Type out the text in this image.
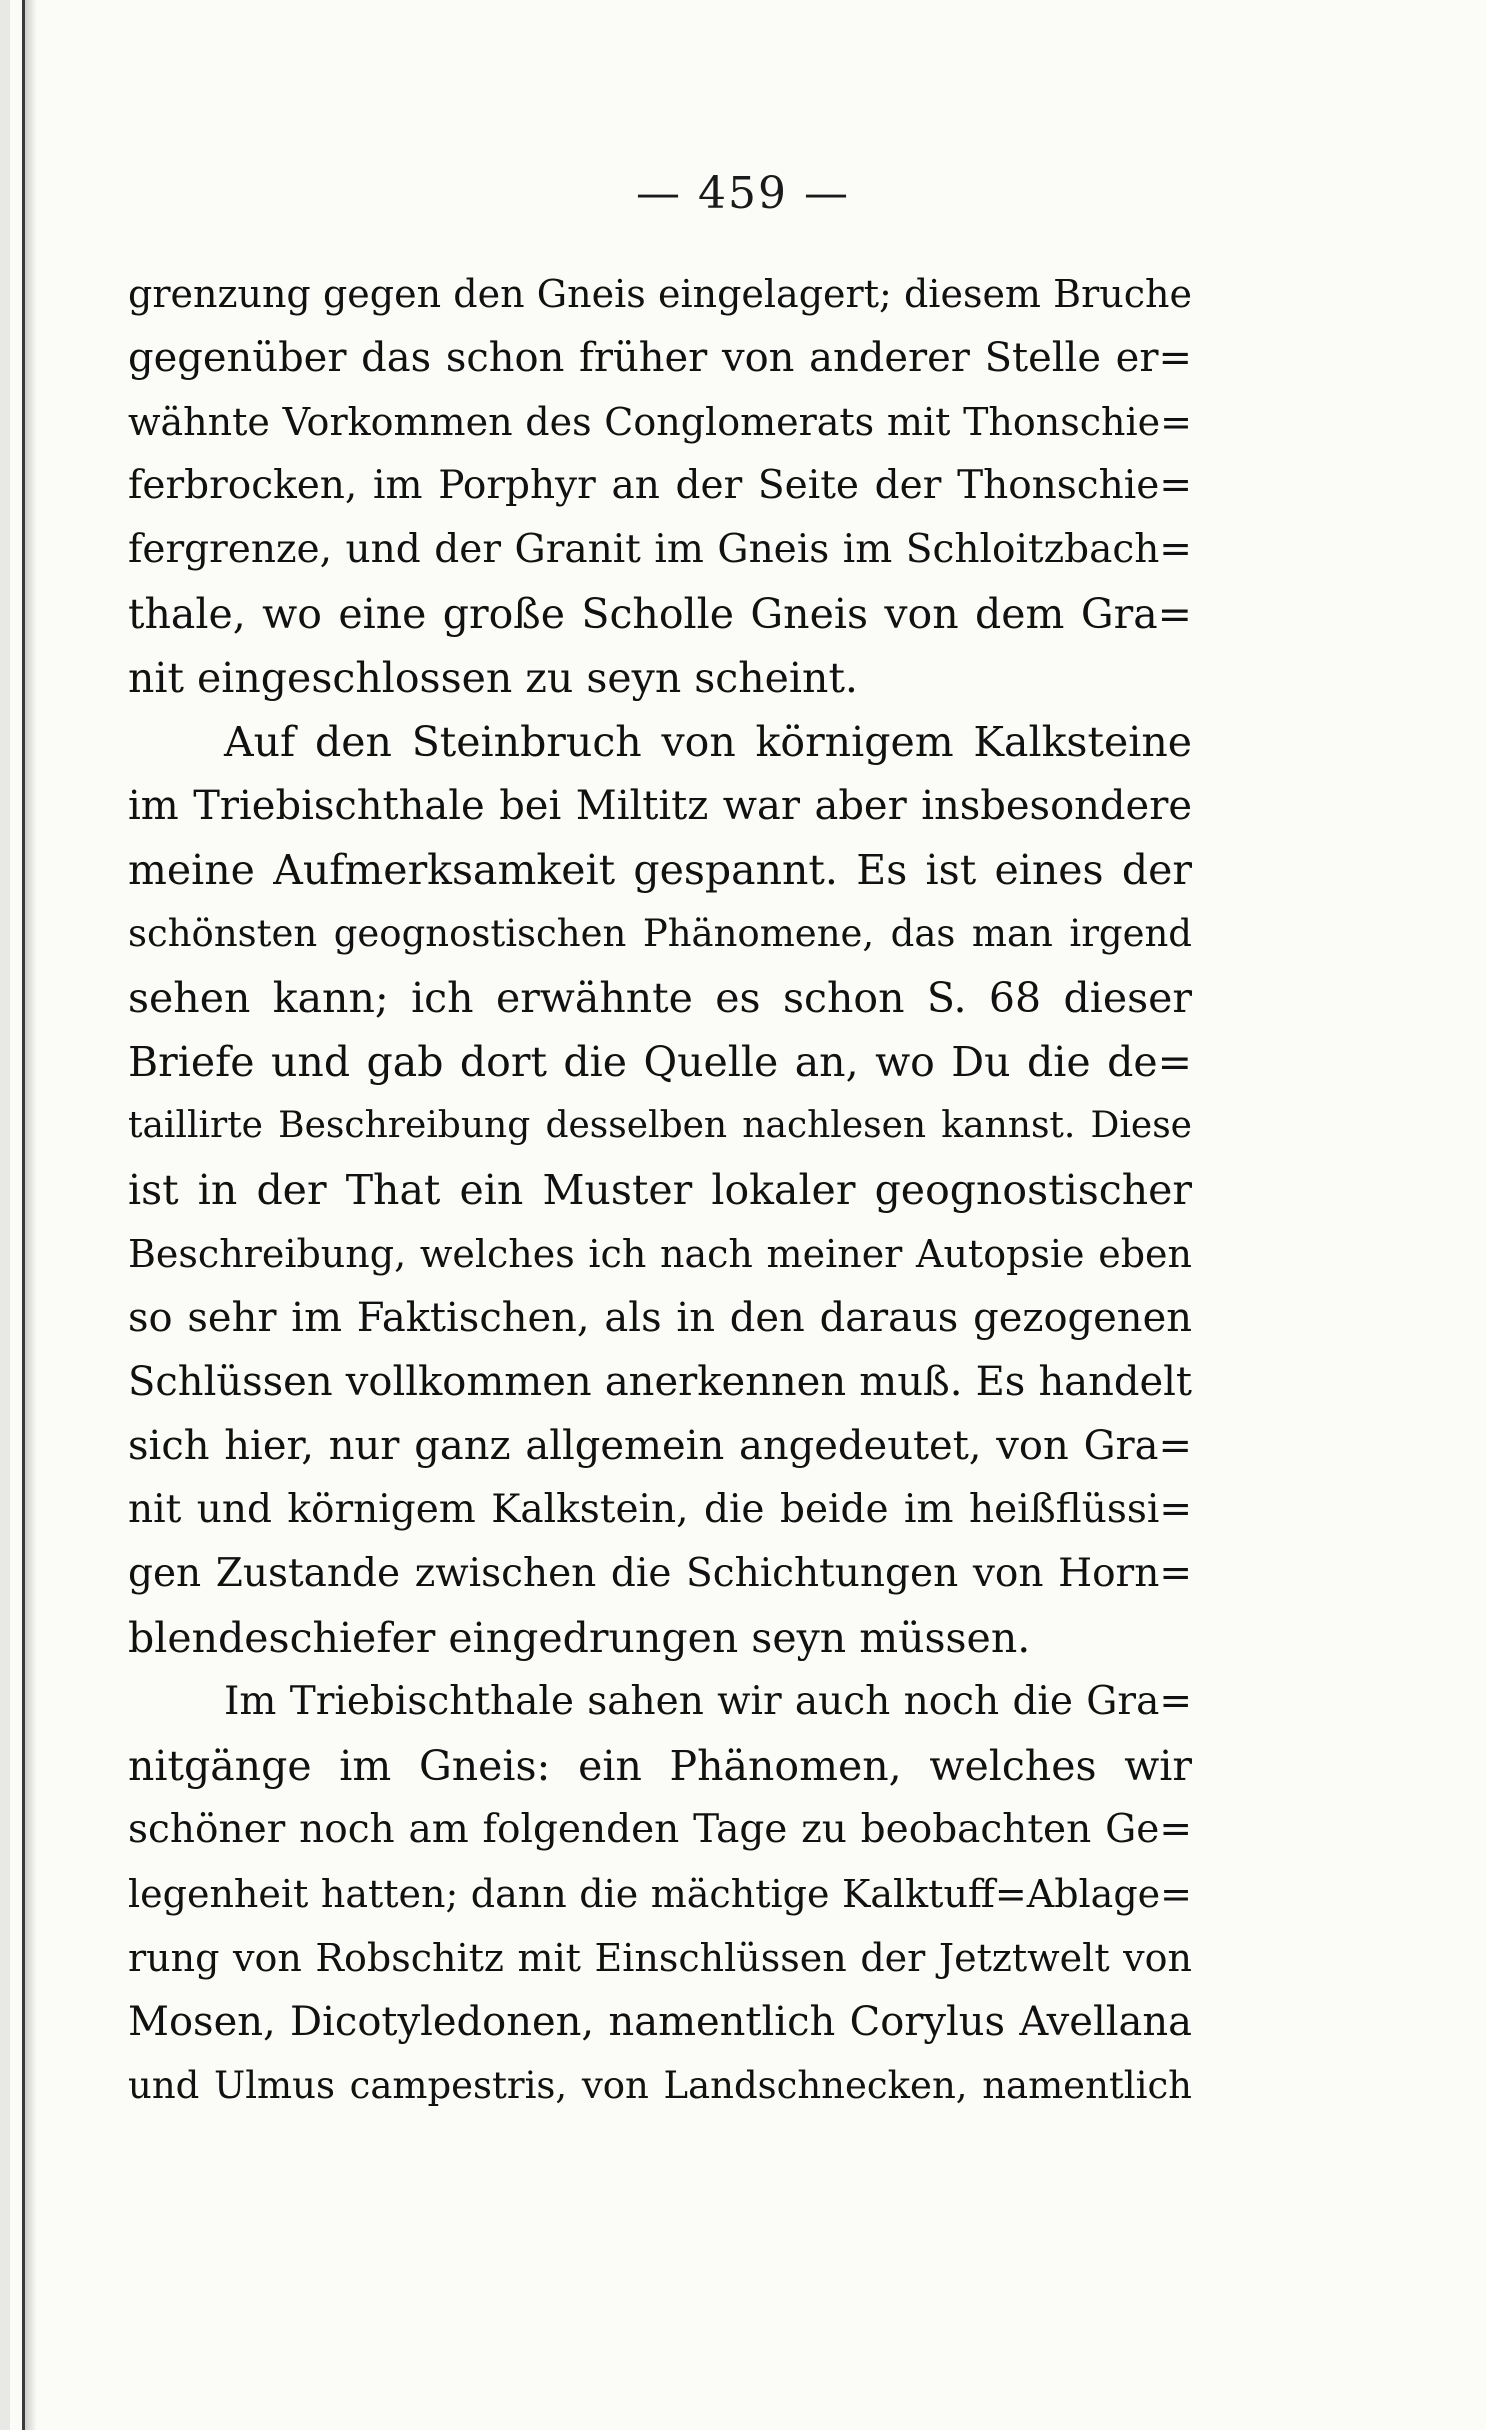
— 459 —
grenzung gegen den Gneis eingelagert; diesem Bruche
gegenüber das schon früher von anderer Stelle er=
wähnte Vorkommen des Conglomerats mit Thonschie=
ferbrocken, im Porphyr an der Seite der Thonschie=
fergrenze, und der Granit im Gneis im Schloitzbach=
thale, wo eine große Scholle Gneis von dem Gra=
nit eingeschlossen zu seyn scheint.
Auf den Steinbruch von körnigem Kalksteine
im Triebischthale bei Miltitz war aber insbesondere
meine Aufmerksamkeit gespannt. Es ist eines der
schönsten geognostischen Phänomene, das man irgend
sehen kann; ich erwähnte es schon S. 68 dieser
Briefe und gab dort die Quelle an, wo Du die de=
taillirte Beschreibung desselben nachlesen kannst. Diese
ist in der That ein Muster lokaler geognostischer
Beschreibung, welches ich nach meiner Autopsie eben
so sehr im Faktischen, als in den daraus gezogenen
Schlüssen vollkommen anerkennen muß. Es handelt
sich hier, nur ganz allgemein angedeutet, von Gra=
nit und körnigem Kalkstein, die beide im heißflüssi=
gen Zustande zwischen die Schichtungen von Horn=
blendeschiefer eingedrungen seyn müssen.
Im Triebischthale sahen wir auch noch die Gra=
nitgänge im Gneis: ein Phänomen, welches wir
schöner noch am folgenden Tage zu beobachten Ge=
legenheit hatten; dann die mächtige Kalktuff=Ablage=
rung von Robschitz mit Einschlüssen der Jetztwelt von
Mosen, Dicotyledonen, namentlich Corylus Avellana
und Ulmus campestris, von Landschnecken, namentlich
